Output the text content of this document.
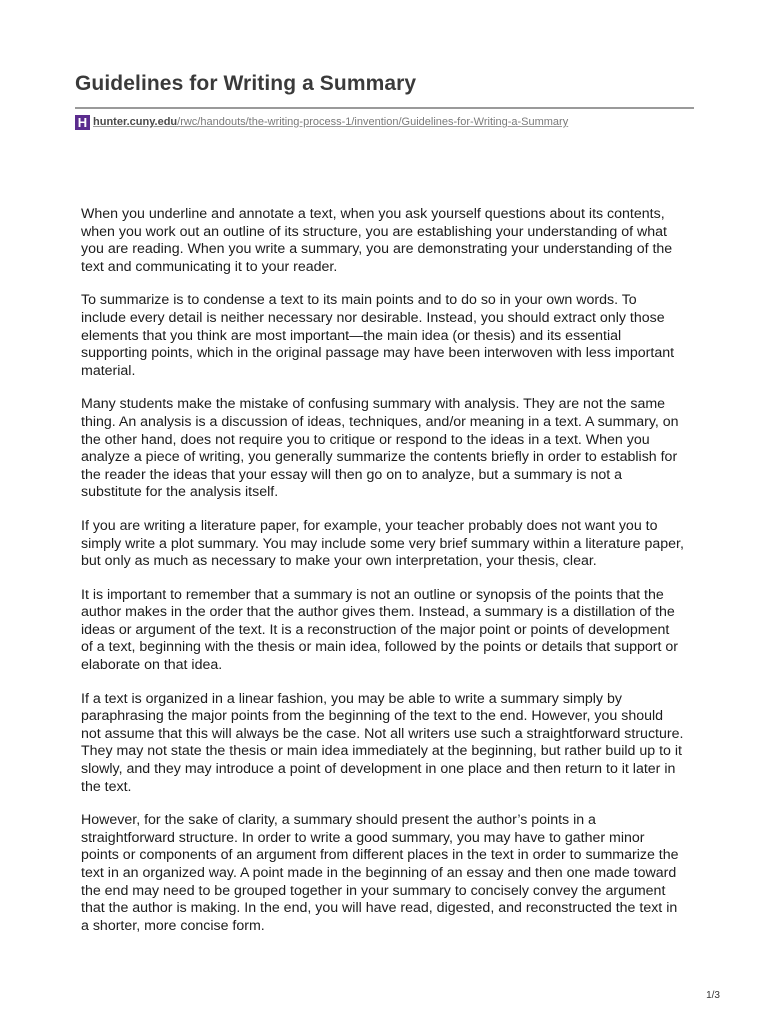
Guidelines for Writing a Summary
H hunter.cuny.edu/rwc/handouts/the-writing-process-1/invention/Guidelines-for-Writing-a-Summary

When you underline and annotate a text, when you ask yourself questions about its contents, when you work out an outline of its structure, you are establishing your understanding of what you are reading. When you write a summary, you are demonstrating your understanding of the text and communicating it to your reader.

To summarize is to condense a text to its main points and to do so in your own words. To include every detail is neither necessary nor desirable. Instead, you should extract only those elements that you think are most important—the main idea (or thesis) and its essential supporting points, which in the original passage may have been interwoven with less important material.

Many students make the mistake of confusing summary with analysis. They are not the same thing. An analysis is a discussion of ideas, techniques, and/or meaning in a text. A summary, on the other hand, does not require you to critique or respond to the ideas in a text. When you analyze a piece of writing, you generally summarize the contents briefly in order to establish for the reader the ideas that your essay will then go on to analyze, but a summary is not a substitute for the analysis itself.

If you are writing a literature paper, for example, your teacher probably does not want you to simply write a plot summary. You may include some very brief summary within a literature paper, but only as much as necessary to make your own interpretation, your thesis, clear.

It is important to remember that a summary is not an outline or synopsis of the points that the author makes in the order that the author gives them. Instead, a summary is a distillation of the ideas or argument of the text. It is a reconstruction of the major point or points of development of a text, beginning with the thesis or main idea, followed by the points or details that support or elaborate on that idea.

If a text is organized in a linear fashion, you may be able to write a summary simply by paraphrasing the major points from the beginning of the text to the end. However, you should not assume that this will always be the case. Not all writers use such a straightforward structure. They may not state the thesis or main idea immediately at the beginning, but rather build up to it slowly, and they may introduce a point of development in one place and then return to it later in the text.

However, for the sake of clarity, a summary should present the author’s points in a straightforward structure. In order to write a good summary, you may have to gather minor points or components of an argument from different places in the text in order to summarize the text in an organized way. A point made in the beginning of an essay and then one made toward the end may need to be grouped together in your summary to concisely convey the argument that the author is making. In the end, you will have read, digested, and reconstructed the text in a shorter, more concise form.

1/3
